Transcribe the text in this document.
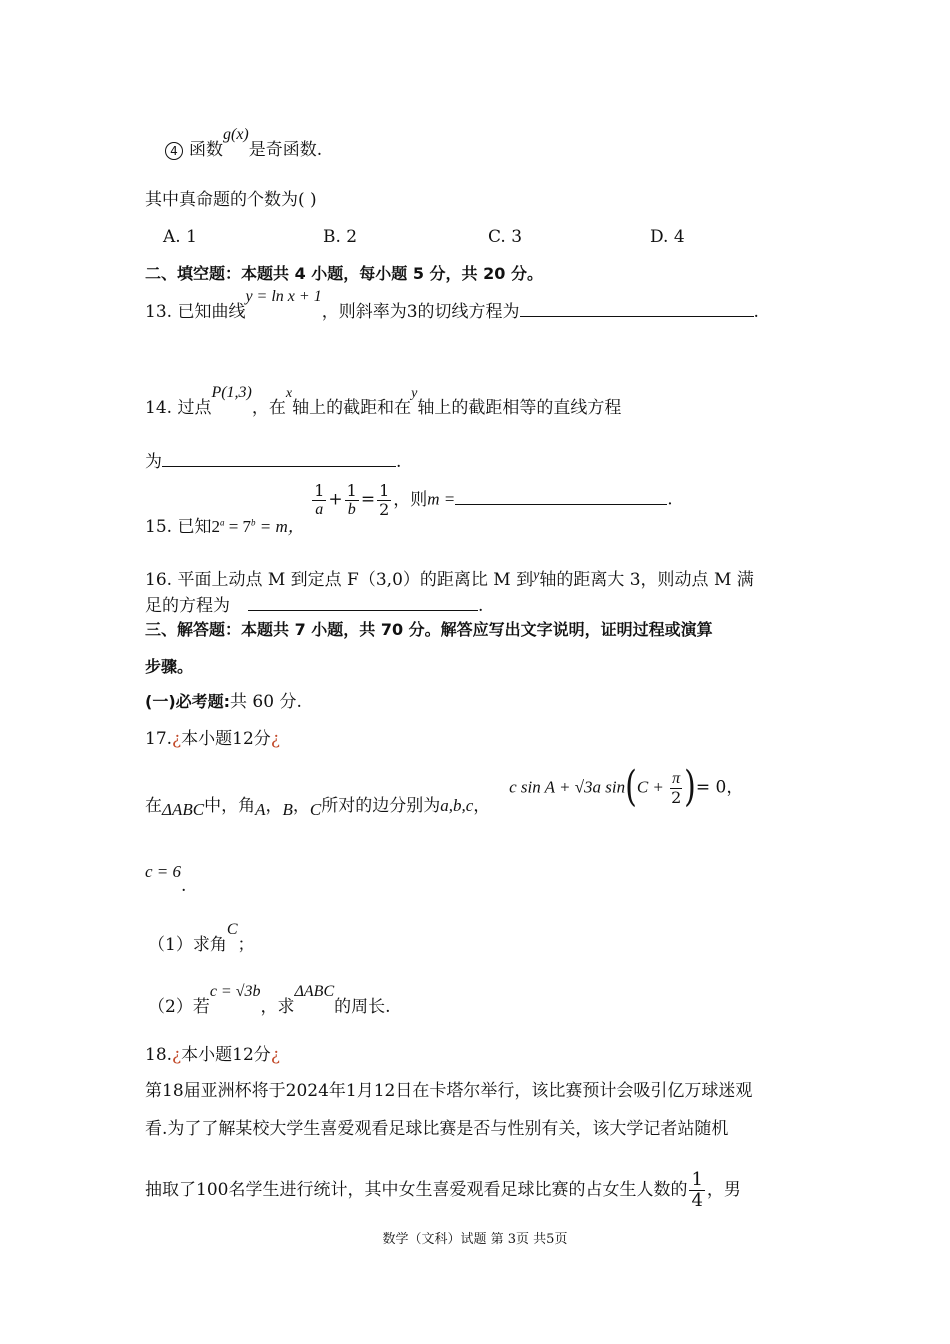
4 函数g(x)是奇函数.
其中真命题的个数为( )
A. 1	B. 2	C. 3	D. 4
二、填空题：本题共 4 小题，每小题 5 分，共 20 分。
13. 已知曲线y = ln x + 1，则斜率为3的切线方程为	.
14. 过点P(1,3)，在$^x$轴上的截距和在$^y$轴上的截距相等的直线方程
为	.
15. 已知$2^a = 7^b = m$，
$\frac{1}{a} + \frac{1}{b} = \frac{1}{2}$ ，则m =	.
16. 平面上动点 M 到定点 F（3,0）的距离比 M 到$^y$轴的距离大 3，则动点 M 满
足的方程为	.
三、解答题：本题共 7 小题，共 70 分。解答应写出文字说明，证明过程或演算
步骤。
(一)必考题:共 60 分.
17.¿本小题12分¿
在ΔABC中，角A，B，C所对的边分别为a,b,c，  c sin A + √3a $\sin(C + \frac{\pi}{2}$ )= 0，
c = 6.
（1）求角C；
（2）若c = √3b，求ΔABC的周长.
18.¿本小题12分¿
第18届亚洲杯将于2024年1月12日在卡塔尔举行，该比赛预计会吸引亿万球迷观
看.为了了解某校大学生喜爱观看足球比赛是否与性别有关，该大学记者站随机
抽取了100名学生进行统计，其中女生喜爱观看足球比赛的占女生人数的 $\frac{1}{4}$ ，男
数学（文科）试题 第 3页 共5页
